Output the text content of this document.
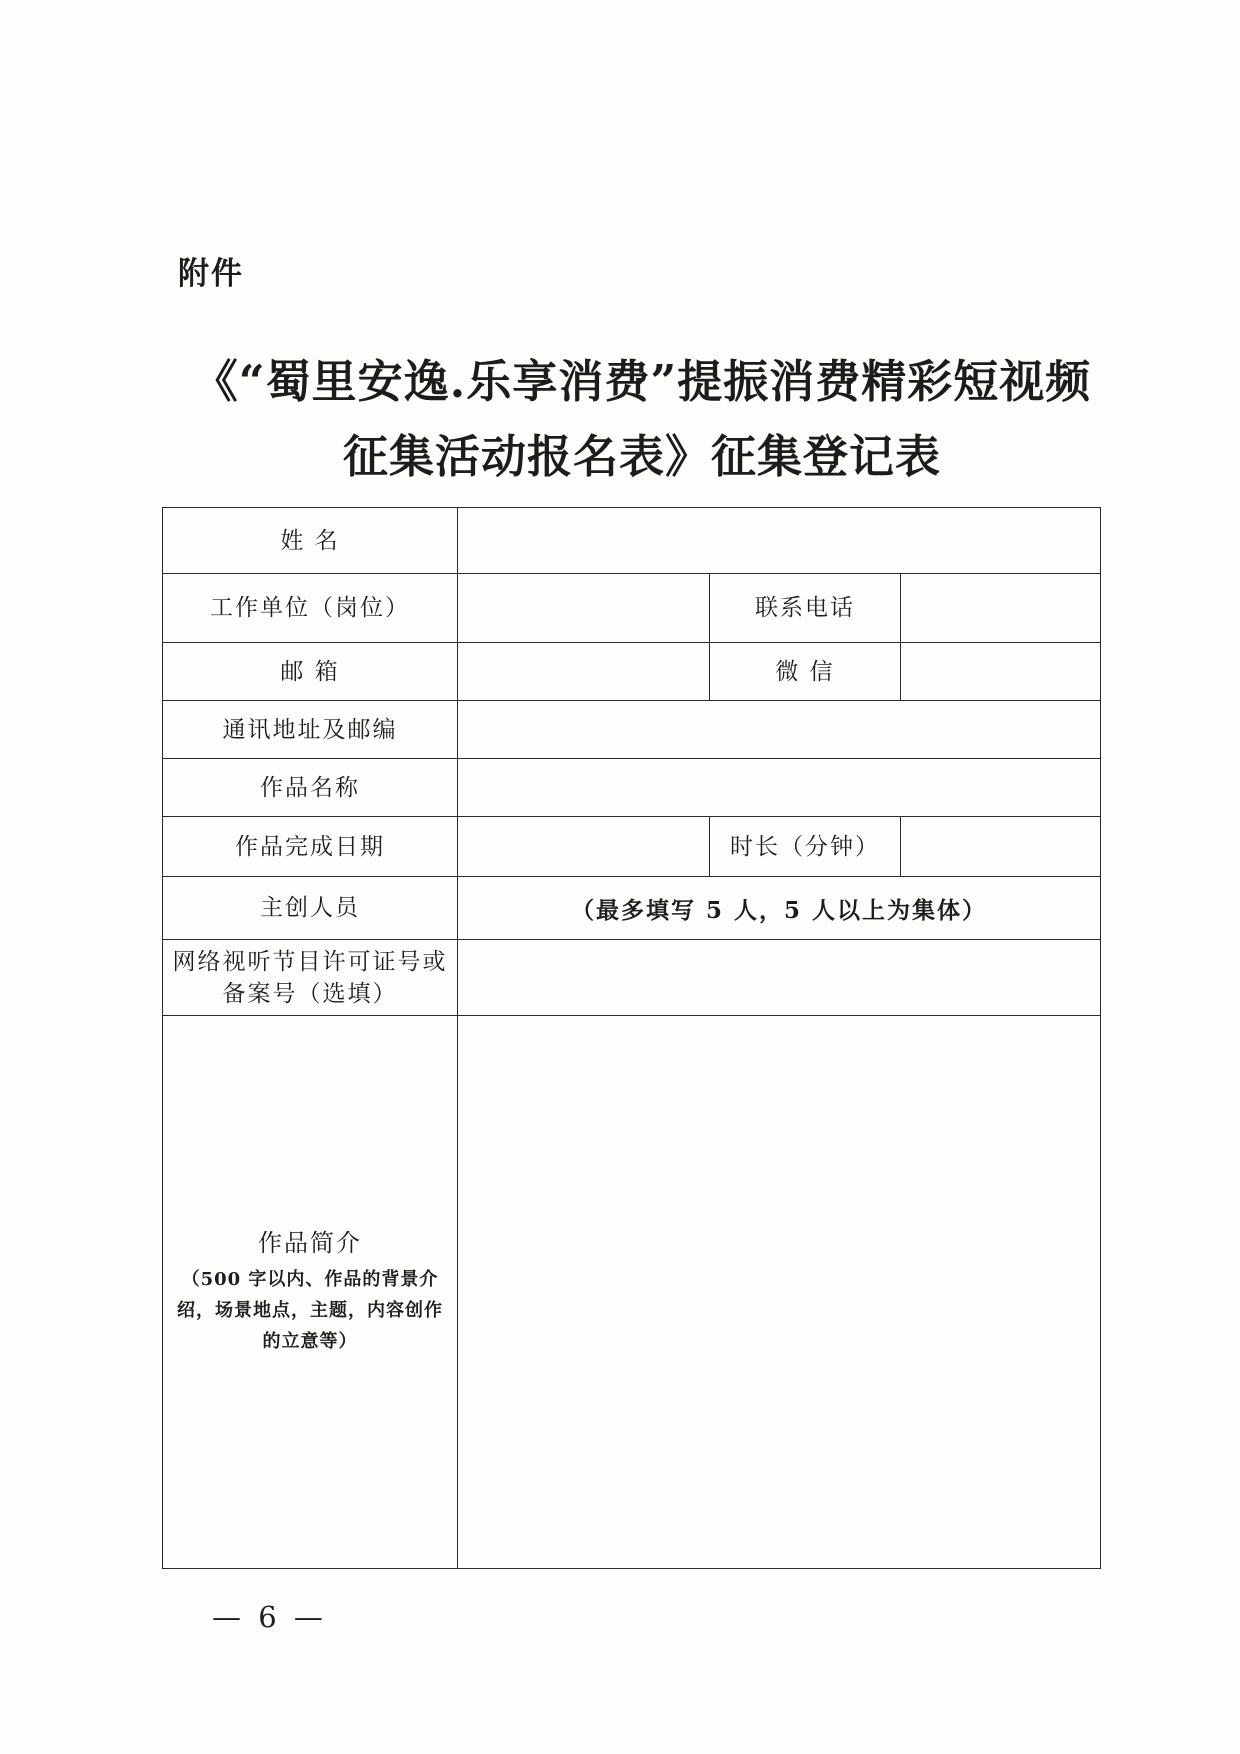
附件
《“蜀里安逸.乐享消费”提振消费精彩短视频
征集活动报名表》征集登记表
姓 名			
工作单位（岗位）		联系电话	
邮 箱		微 信	
通讯地址及邮编			
作品名称			
作品完成日期		时长（分钟）	
主创人员	（最多填写 5 人，5 人以上为集体）		
网络视听节目许可证号或备案号（选填）			

作品简介
（500 字以内、作品的背景介绍，场景地点，主题，内容创作的立意等）			

— 6 —
